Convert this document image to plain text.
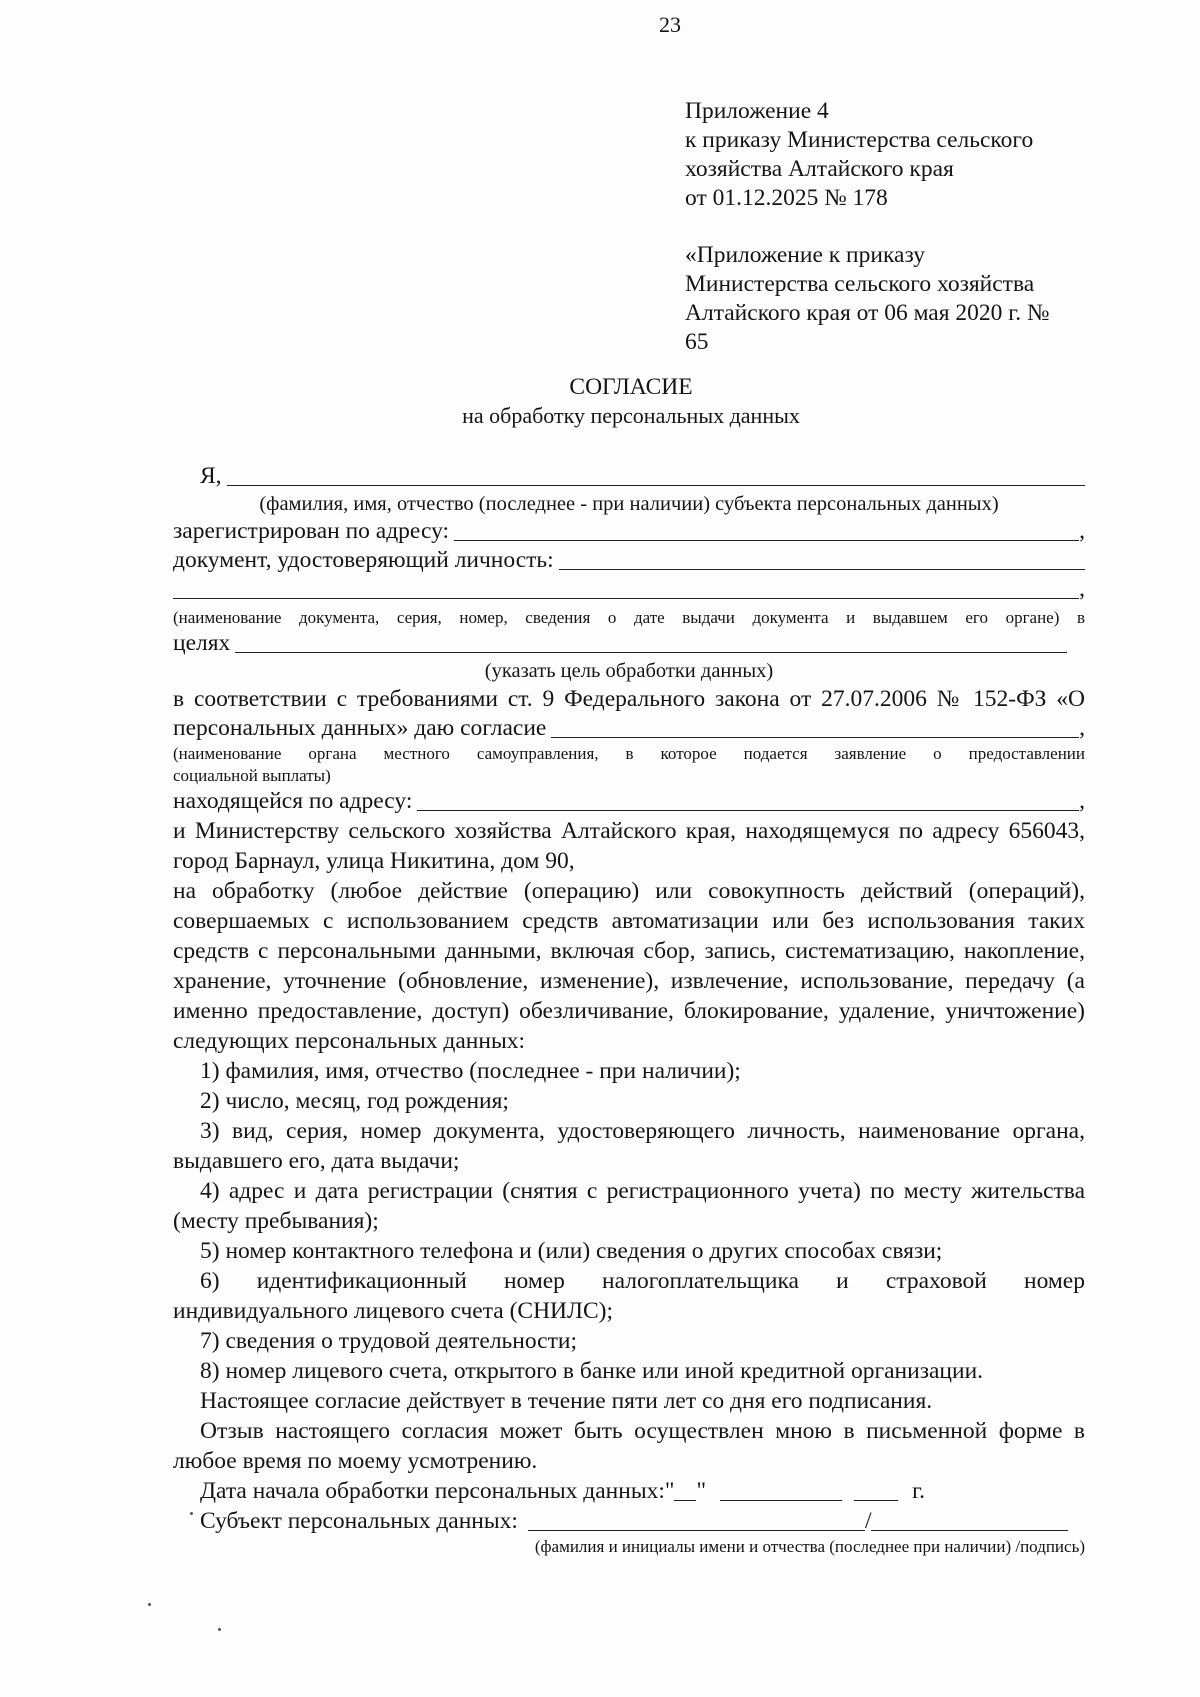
23
Приложение 4
к приказу Министерства сельского
хозяйства Алтайского края
от 01.12.2025 № 178
«Приложение к приказу
Министерства сельского хозяйства
Алтайского края от 06 мая 2020 г. №
65
СОГЛАСИЕ
на обработку персональных данных
Я,
(фамилия, имя, отчество (последнее - при наличии) субъекта персональных данных)
зарегистрирован по адресу:	,
документ, удостоверяющий личность:
,
(наименование документа, серия, номер, сведения о дате выдачи документа и выдавшем его органе) в
целях
(указать цель обработки данных)
в соответствии с требованиями ст. 9 Федерального закона от 27.07.2006 № 152-ФЗ «О
персональных данных» даю согласие	,
(наименование органа местного самоуправления, в которое подается заявление о предоставлении
социальной выплаты)
находящейся по адресу:	,
и Министерству сельского хозяйства Алтайского края, находящемуся по адресу 656043,
город Барнаул, улица Никитина, дом 90,
на обработку (любое действие (операцию) или совокупность действий (операций),
совершаемых с использованием средств автоматизации или без использования таких
средств с персональными данными, включая сбор, запись, систематизацию, накопление,
хранение, уточнение (обновление, изменение), извлечение, использование, передачу (а
именно предоставление, доступ) обезличивание, блокирование, удаление, уничтожение)
следующих персональных данных:
1) фамилия, имя, отчество (последнее - при наличии);
2) число, месяц, год рождения;
3) вид, серия, номер документа, удостоверяющего личность, наименование органа,
выдавшего его, дата выдачи;
4) адрес и дата регистрации (снятия с регистрационного учета) по месту жительства
(месту пребывания);
5) номер контактного телефона и (или) сведения о других способах связи;
6) идентификационный номер налогоплательщика и страховой номер
индивидуального лицевого счета (СНИЛС);
7) сведения о трудовой деятельности;
8) номер лицевого счета, открытого в банке или иной кредитной организации.
Настоящее согласие действует в течение пяти лет со дня его подписания.
Отзыв настоящего согласия может быть осуществлен мною в письменной форме в
любое время по моему усмотрению.
Дата начала обработки персональных данных:" "	г.
Субъект персональных данных:	/
(фамилия и инициалы имени и отчества (последнее при наличии) /подпись)
